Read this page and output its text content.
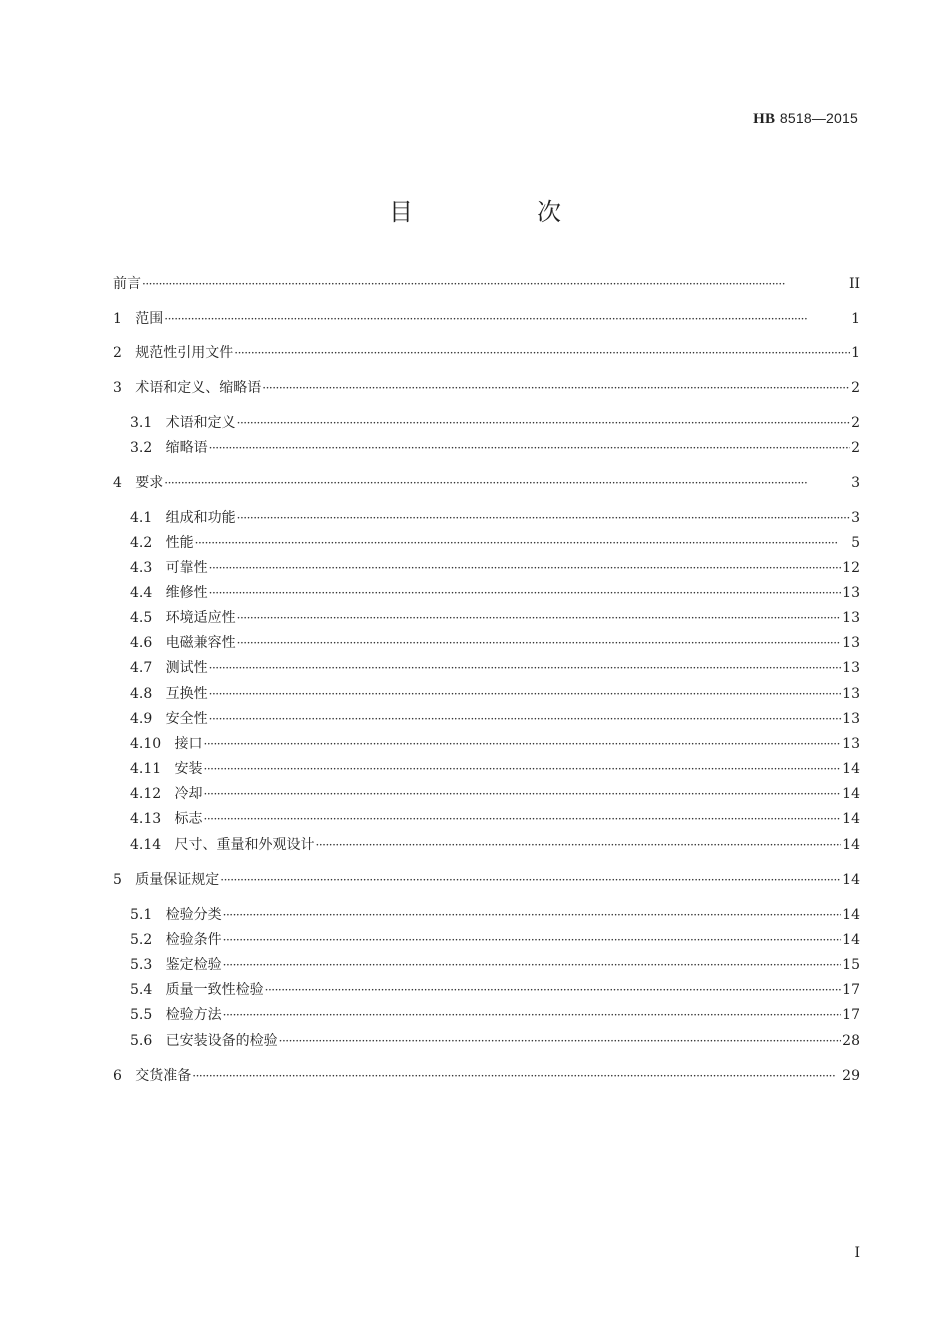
HB 8518—2015
目　次
前言 ·····	II
1 范围 ·····	1
2 规范性引用文件 ·····	1
3 术语和定义、缩略语 ·····	2
3.1 术语和定义 ·····	2
3.2 缩略语 ·····	2
4 要求 ·····	3
4.1 组成和功能 ·····	3
4.2 性能 ·····	5
4.3 可靠性 ·····	12
4.4 维修性 ·····	13
4.5 环境适应性 ·····	13
4.6 电磁兼容性 ·····	13
4.7 测试性 ·····	13
4.8 互换性 ·····	13
4.9 安全性 ·····	13
4.10 接口 ·····	13
4.11 安装 ·····	14
4.12 冷却 ·····	14
4.13 标志 ·····	14
4.14 尺寸、重量和外观设计 ·····	14
5 质量保证规定 ·····	14
5.1 检验分类 ·····	14
5.2 检验条件 ·····	14
5.3 鉴定检验 ·····	15
5.4 质量一致性检验 ·····	17
5.5 检验方法 ·····	17
5.6 已安装设备的检验 ·····	28
6 交货准备 ·····	29
I
